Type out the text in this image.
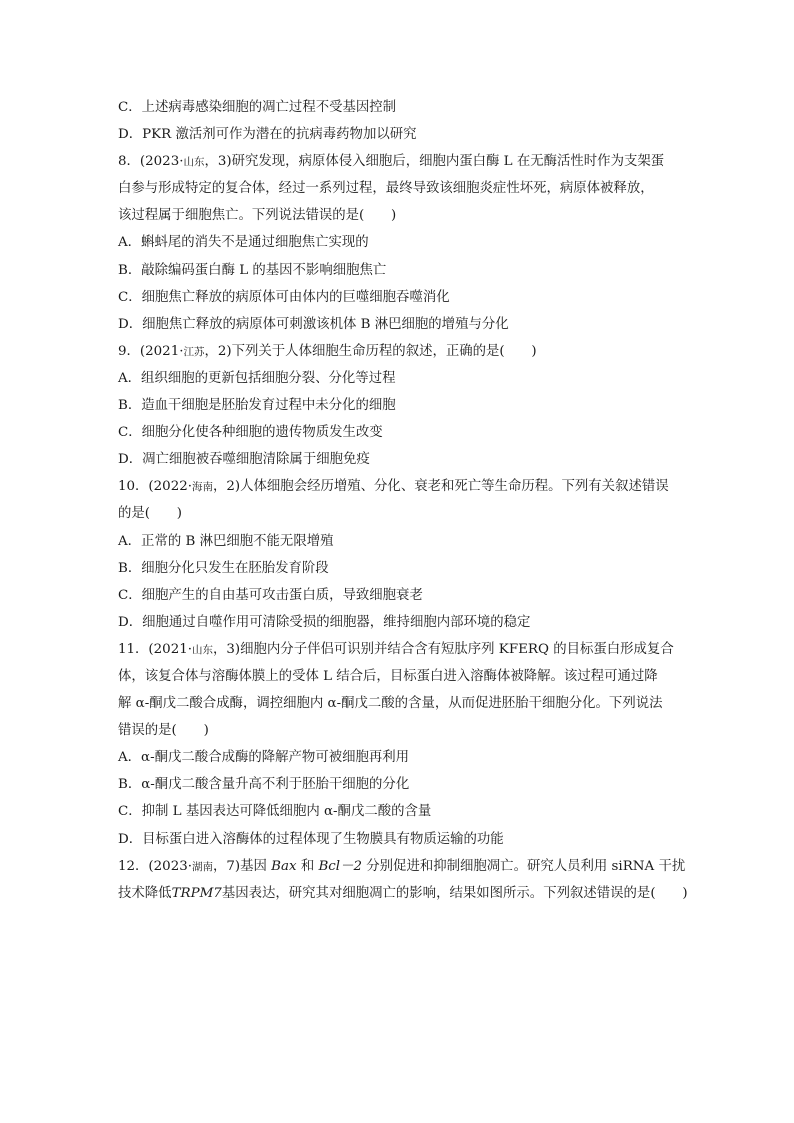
C．上述病毒感染细胞的凋亡过程不受基因控制
D．PKR 激活剂可作为潜在的抗病毒药物加以研究
8．(2023·山东，3)研究发现，病原体侵入细胞后，细胞内蛋白酶 L 在无酶活性时作为支架蛋
白参与形成特定的复合体，经过一系列过程，最终导致该细胞炎症性坏死，病原体被释放，
该过程属于细胞焦亡。下列说法错误的是(　　)
A．蝌蚪尾的消失不是通过细胞焦亡实现的
B．敲除编码蛋白酶 L 的基因不影响细胞焦亡
C．细胞焦亡释放的病原体可由体内的巨噬细胞吞噬消化
D．细胞焦亡释放的病原体可刺激该机体 B 淋巴细胞的增殖与分化
9．(2021·江苏，2)下列关于人体细胞生命历程的叙述，正确的是(　　)
A．组织细胞的更新包括细胞分裂、分化等过程
B．造血干细胞是胚胎发育过程中未分化的细胞
C．细胞分化使各种细胞的遗传物质发生改变
D．凋亡细胞被吞噬细胞清除属于细胞免疫
10．(2022·海南，2)人体细胞会经历增殖、分化、衰老和死亡等生命历程。下列有关叙述错误
的是(　　)
A．正常的 B 淋巴细胞不能无限增殖
B．细胞分化只发生在胚胎发育阶段
C．细胞产生的自由基可攻击蛋白质，导致细胞衰老
D．细胞通过自噬作用可清除受损的细胞器，维持细胞内部环境的稳定
11．(2021·山东，3)细胞内分子伴侣可识别并结合含有短肽序列 KFERQ 的目标蛋白形成复合
体，该复合体与溶酶体膜上的受体 L 结合后，目标蛋白进入溶酶体被降解。该过程可通过降
解 α-酮戊二酸合成酶，调控细胞内 α-酮戊二酸的含量，从而促进胚胎干细胞分化。下列说法
错误的是(　　)
A．α-酮戊二酸合成酶的降解产物可被细胞再利用
B．α-酮戊二酸含量升高不利于胚胎干细胞的分化
C．抑制 L 基因表达可降低细胞内 α-酮戊二酸的含量
D．目标蛋白进入溶酶体的过程体现了生物膜具有物质运输的功能
12．(2023·湖南，7)基因 Bax 和 Bcl－2 分别促进和抑制细胞凋亡。研究人员利用 siRNA 干扰
技术降低TRPM7基因表达，研究其对细胞凋亡的影响，结果如图所示。下列叙述错误的是(　　)
